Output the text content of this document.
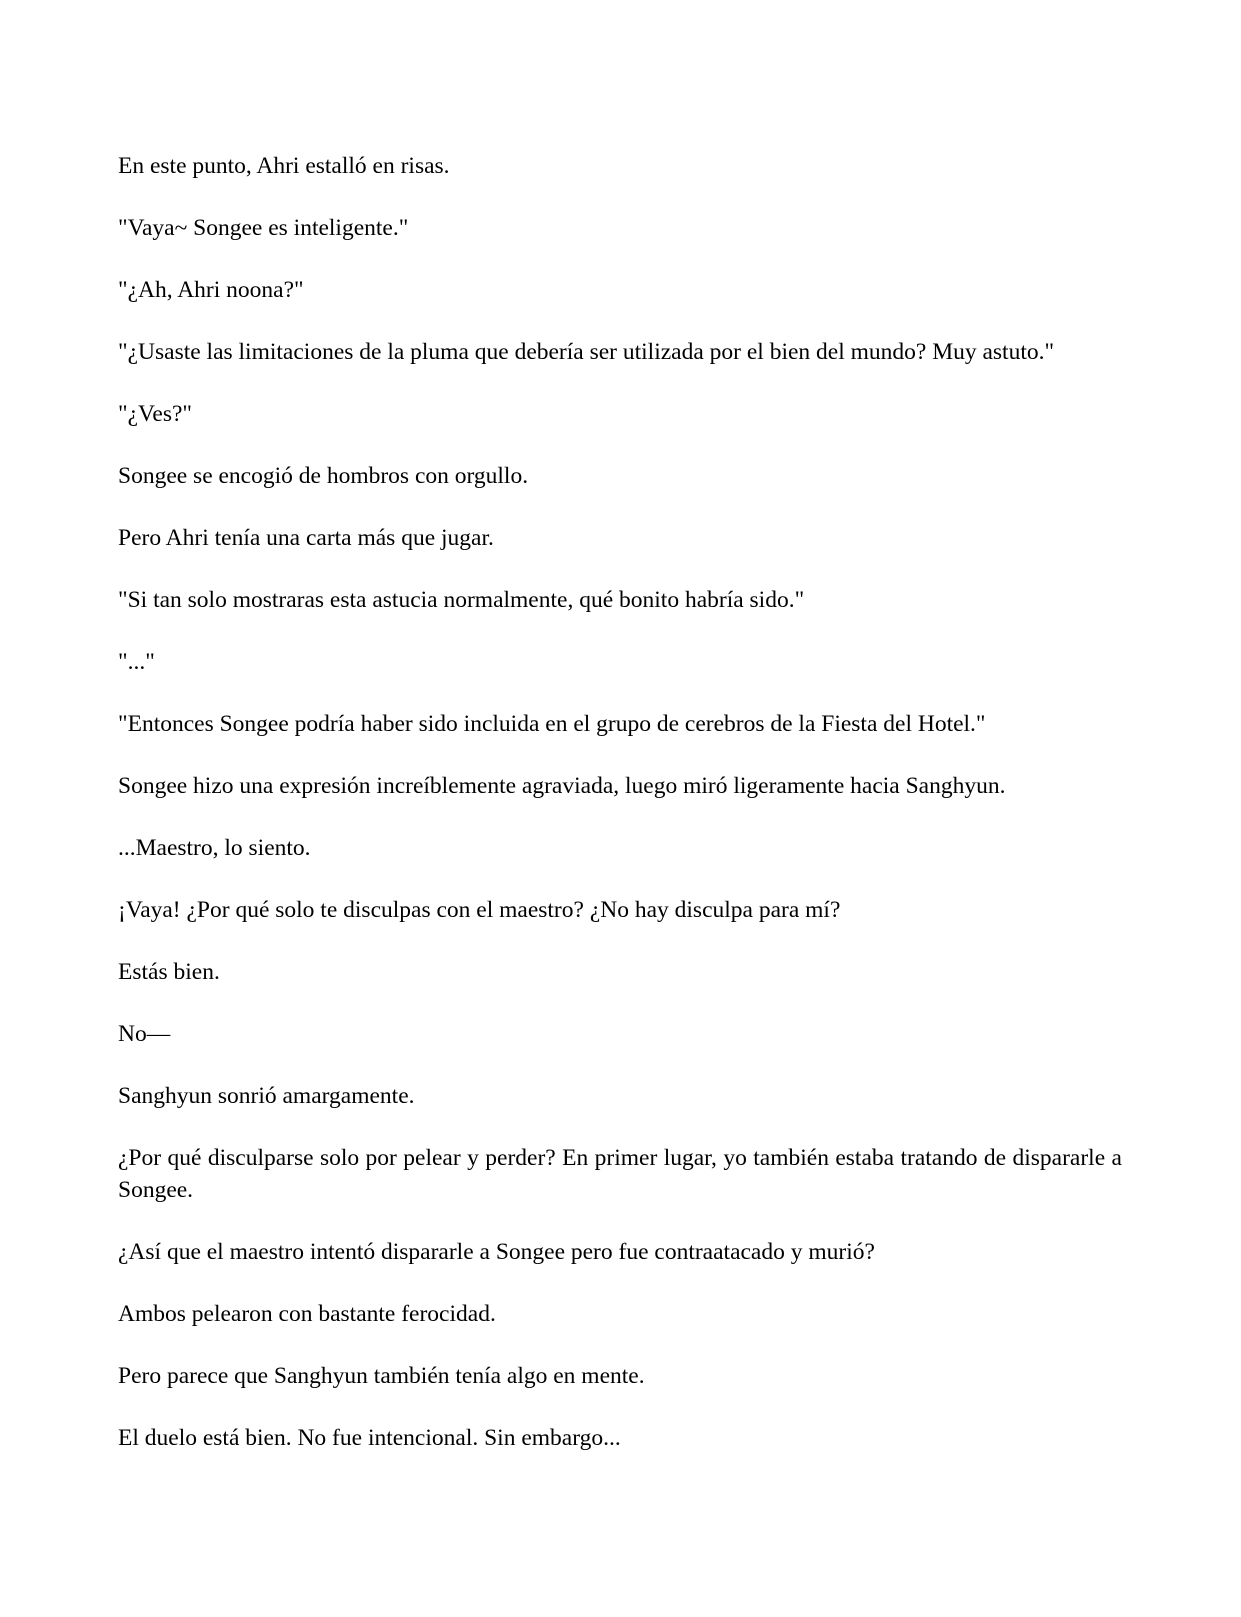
En este punto, Ahri estalló en risas.

"Vaya~ Songee es inteligente."

"¿Ah, Ahri noona?"

"¿Usaste las limitaciones de la pluma que debería ser utilizada por el bien del mundo? Muy astuto."

"¿Ves?"

Songee se encogió de hombros con orgullo.

Pero Ahri tenía una carta más que jugar.

"Si tan solo mostraras esta astucia normalmente, qué bonito habría sido."

"..."

"Entonces Songee podría haber sido incluida en el grupo de cerebros de la Fiesta del Hotel."

Songee hizo una expresión increíblemente agraviada, luego miró ligeramente hacia Sanghyun.

...Maestro, lo siento.

¡Vaya! ¿Por qué solo te disculpas con el maestro? ¿No hay disculpa para mí?

Estás bien.

No—

Sanghyun sonrió amargamente.

¿Por qué disculparse solo por pelear y perder? En primer lugar, yo también estaba tratando de dispararle a Songee.

¿Así que el maestro intentó dispararle a Songee pero fue contraatacado y murió?

Ambos pelearon con bastante ferocidad.

Pero parece que Sanghyun también tenía algo en mente.

El duelo está bien. No fue intencional. Sin embargo...
